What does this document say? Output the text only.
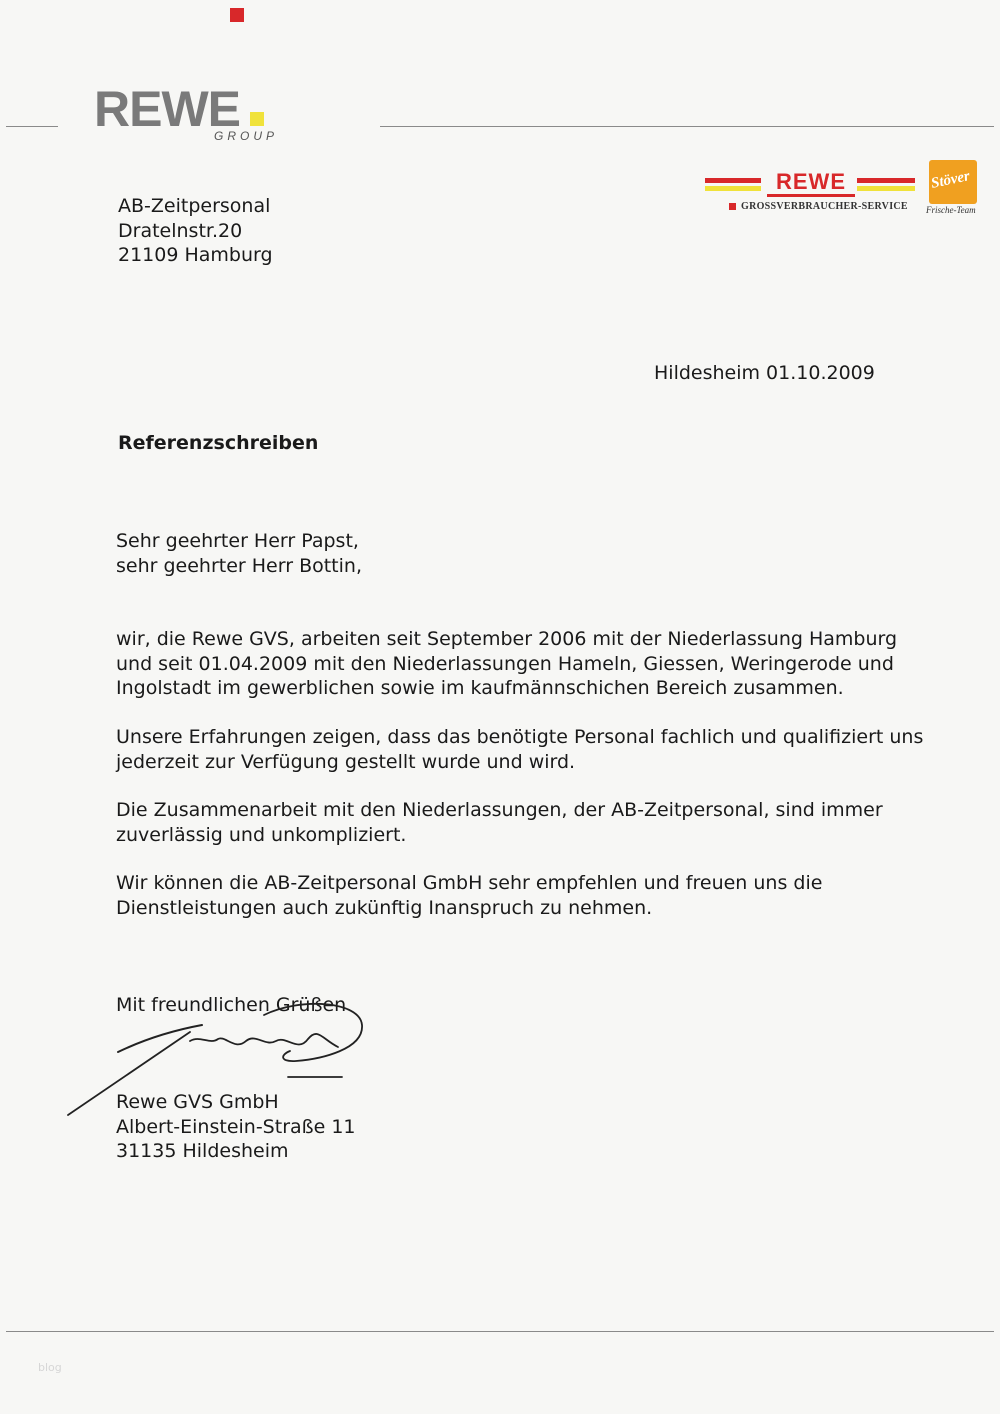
REWE
GROUP
REWE
GROSSVERBRAUCHER-SERVICE
Stöver
Frische-Team
AB-Zeitpersonal
Dratelnstr.20
21109 Hamburg
Hildesheim 01.10.2009
Referenzschreiben
Sehr geehrter Herr Papst,
sehr geehrter Herr Bottin,
wir, die Rewe GVS, arbeiten seit September 2006 mit der Niederlassung Hamburg
und seit 01.04.2009 mit den Niederlassungen Hameln, Giessen, Weringerode und
Ingolstadt im gewerblichen sowie im kaufmännschichen Bereich zusammen.
Unsere Erfahrungen zeigen, dass das benötigte Personal fachlich und qualifiziert uns
jederzeit zur Verfügung gestellt wurde und wird.
Die Zusammenarbeit mit den Niederlassungen, der AB-Zeitpersonal, sind immer
zuverlässig und unkompliziert.
Wir können die AB-Zeitpersonal GmbH sehr empfehlen und freuen uns die
Dienstleistungen auch zukünftig Inanspruch zu nehmen.
Mit freundlichen Grüßen
Rewe GVS GmbH
Albert-Einstein-Straße 11
31135 Hildesheim
blog
